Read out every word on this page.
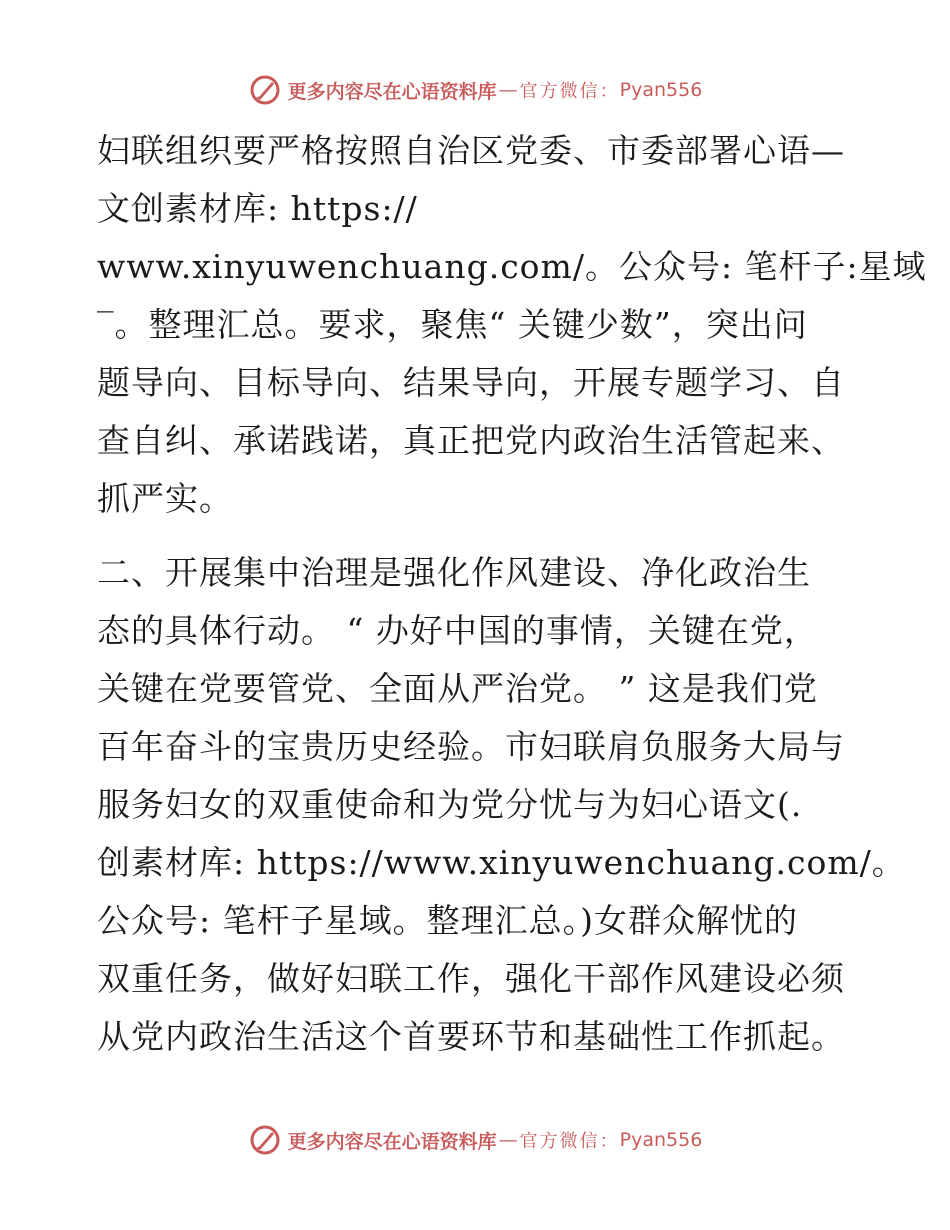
更多内容尽在心语资料库 — 官方微信： Pyan556
妇联组织要严格按照自治区党委、市委部署心语—
文创素材库: https://
www.xinyuwenchuang.com/。公众号: 笔杆子:星域
‾。整理汇总。要求，聚焦“ 关键少数”，突出问
题导向、目标导向、结果导向，开展专题学习、自
查自纠、承诺践诺，真正把党内政治生活管起来、
抓严实。
二、开展集中治理是强化作风建设、净化政治生
态的具体行动。 “ 办好中国的事情，关键在党，
关键在党要管党、全面从严治党。 ” 这是我们党
百年奋斗的宝贵历史经验。市妇联肩负服务大局与
服务妇女的双重使命和为党分忧与为妇心语文(.
创素材库: https://www.xinyuwenchuang.com/。
公众号: 笔杆子星域。整理汇总。)女群众解忧的
双重任务，做好妇联工作，强化干部作风建设必须
从党内政治生活这个首要环节和基础性工作抓起。
更多内容尽在心语资料库 — 官方微信： Pyan556
